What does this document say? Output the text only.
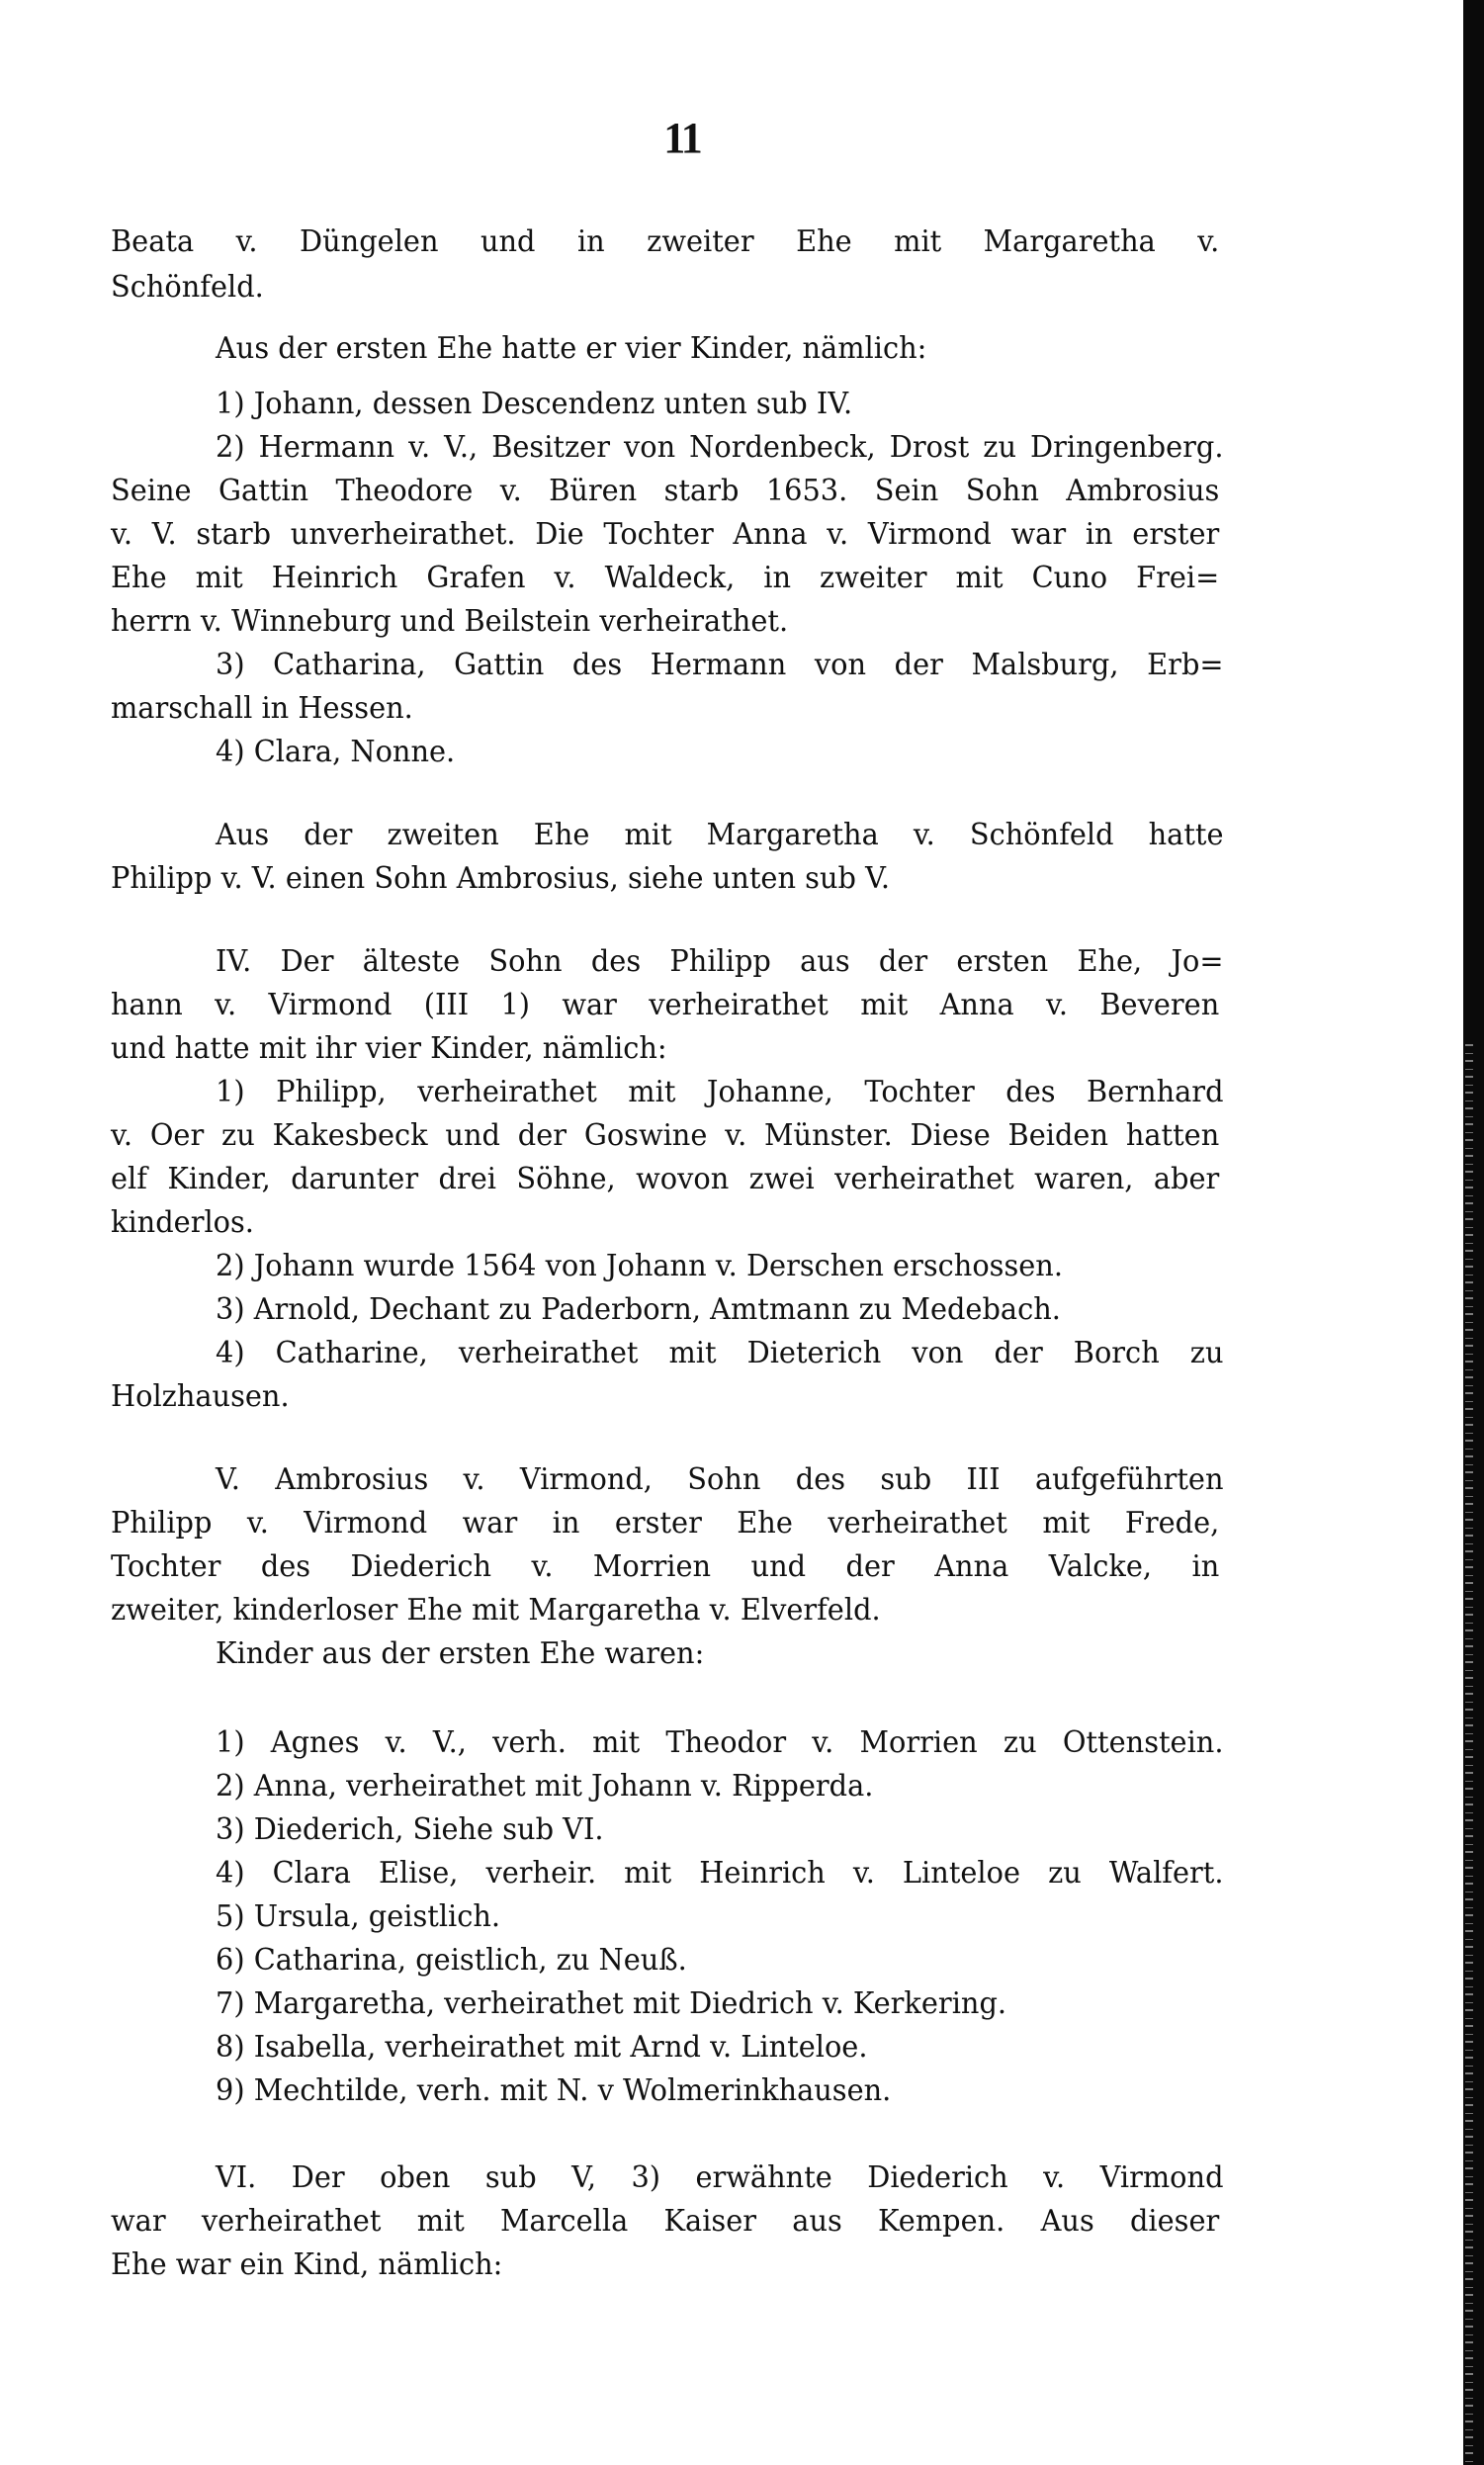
11
Beata v. Düngelen und in zweiter Ehe mit Margaretha v.
Schönfeld.
Aus der ersten Ehe hatte er vier Kinder, nämlich:
1) Johann, dessen Descendenz unten sub IV.
2) Hermann v. V., Besitzer von Nordenbeck, Drost zu Dringenberg.
Seine Gattin Theodore v. Büren starb 1653. Sein Sohn Ambrosius
v. V. starb unverheirathet. Die Tochter Anna v. Virmond war in erster
Ehe mit Heinrich Grafen v. Waldeck, in zweiter mit Cuno Frei=
herrn v. Winneburg und Beilstein verheirathet.
3) Catharina, Gattin des Hermann von der Malsburg, Erb=
marschall in Hessen.
4) Clara, Nonne.
Aus der zweiten Ehe mit Margaretha v. Schönfeld hatte
Philipp v. V. einen Sohn Ambrosius, siehe unten sub V.
IV. Der älteste Sohn des Philipp aus der ersten Ehe, Jo=
hann v. Virmond (III 1) war verheirathet mit Anna v. Beveren
und hatte mit ihr vier Kinder, nämlich:
1) Philipp, verheirathet mit Johanne, Tochter des Bernhard
v. Oer zu Kakesbeck und der Goswine v. Münster. Diese Beiden hatten
elf Kinder, darunter drei Söhne, wovon zwei verheirathet waren, aber
kinderlos.
2) Johann wurde 1564 von Johann v. Derschen erschossen.
3) Arnold, Dechant zu Paderborn, Amtmann zu Medebach.
4) Catharine, verheirathet mit Dieterich von der Borch zu
Holzhausen.
V. Ambrosius v. Virmond, Sohn des sub III aufgeführten
Philipp v. Virmond war in erster Ehe verheirathet mit Frede,
Tochter des Diederich v. Morrien und der Anna Valcke, in
zweiter, kinderloser Ehe mit Margaretha v. Elverfeld.
Kinder aus der ersten Ehe waren:
1) Agnes v. V., verh. mit Theodor v. Morrien zu Ottenstein.
2) Anna, verheirathet mit Johann v. Ripperda.
3) Diederich, Siehe sub VI.
4) Clara Elise, verheir. mit Heinrich v. Linteloe zu Walfert.
5) Ursula, geistlich.
6) Catharina, geistlich, zu Neuß.
7) Margaretha, verheirathet mit Diedrich v. Kerkering.
8) Isabella, verheirathet mit Arnd v. Linteloe.
9) Mechtilde, verh. mit N. v Wolmerinkhausen.
VI. Der oben sub V, 3) erwähnte Diederich v. Virmond
war verheirathet mit Marcella Kaiser aus Kempen. Aus dieser
Ehe war ein Kind, nämlich:
